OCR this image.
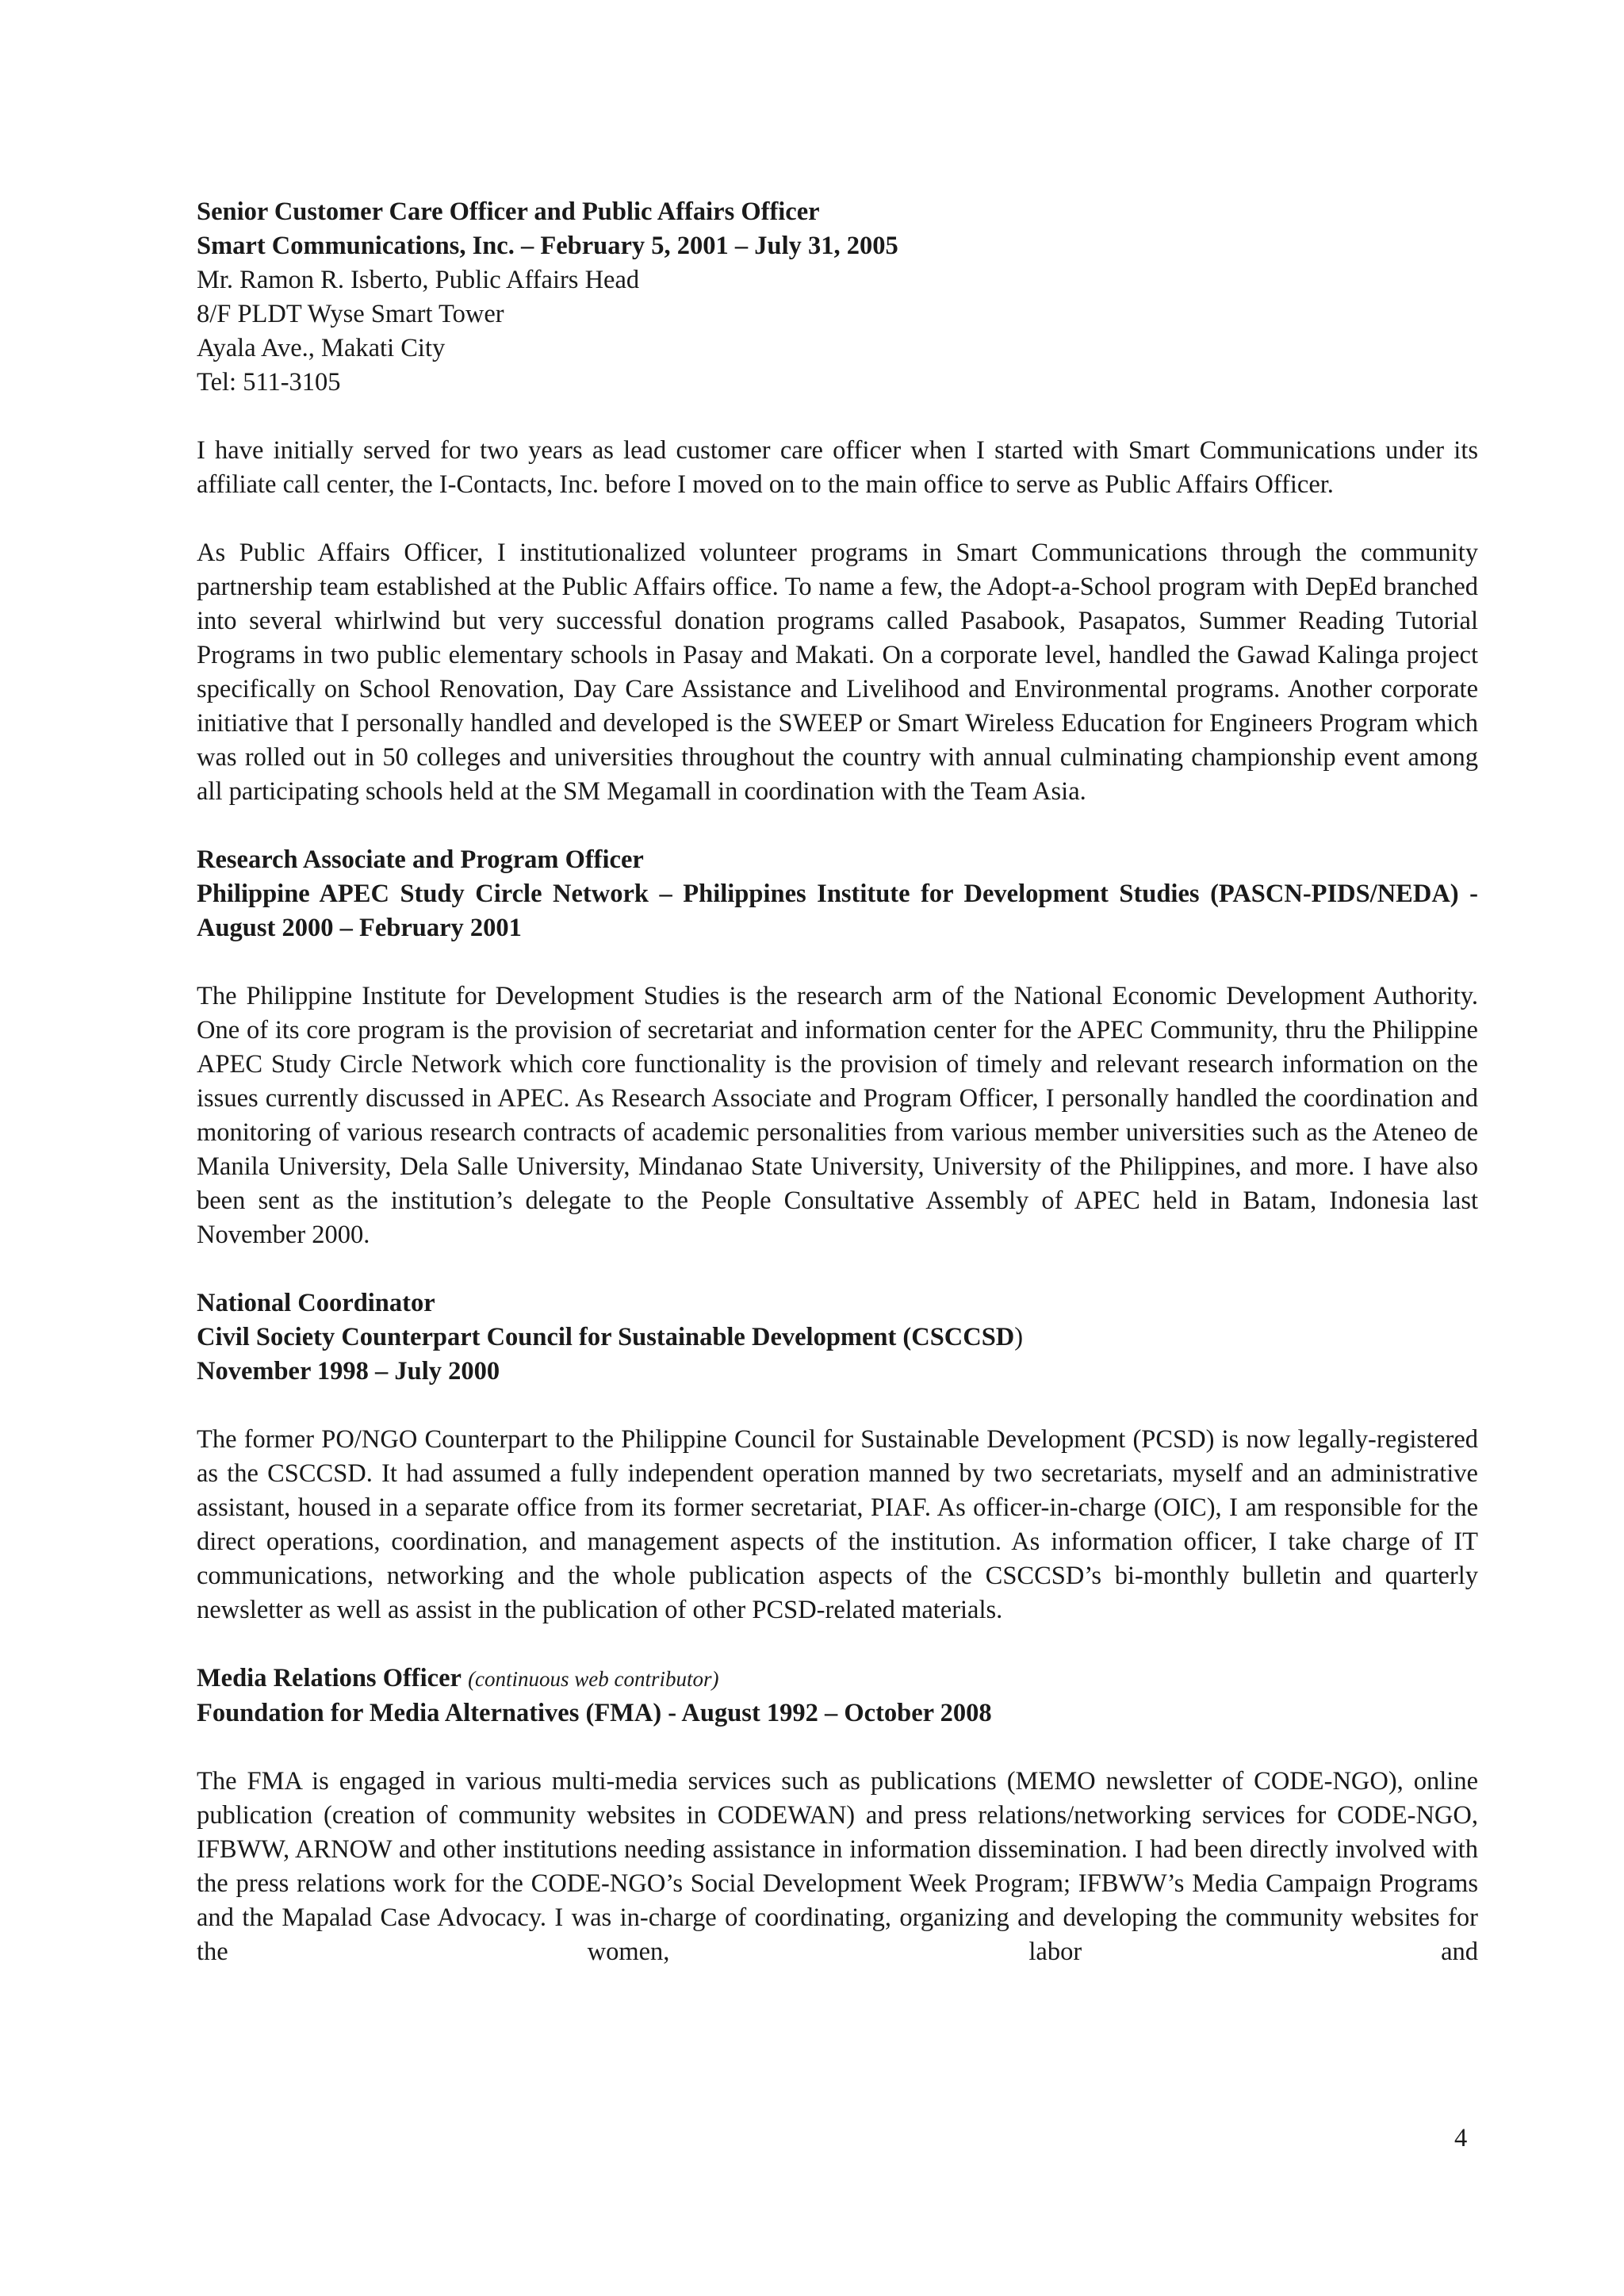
Senior Customer Care Officer and Public Affairs Officer

Smart Communications, Inc. – February 5, 2001 – July 31, 2005

Mr. Ramon R. Isberto, Public Affairs Head

8/F PLDT Wyse Smart Tower

Ayala Ave., Makati City

Tel: 511-3105

I have initially served for two years as lead customer care officer when I started with Smart Communications under its affiliate call center, the I-Contacts, Inc. before I moved on to the main office to serve as Public Affairs Officer.

As Public Affairs Officer, I institutionalized volunteer programs in Smart Communications through the community partnership team established at the Public Affairs office. To name a few, the Adopt-a-School program with DepEd branched into several whirlwind but very successful donation programs called Pasabook, Pasapatos, Summer Reading Tutorial Programs in two public elementary schools in Pasay and Makati. On a corporate level, handled the Gawad Kalinga project specifically on School Renovation, Day Care Assistance and Livelihood and Environmental programs. Another corporate initiative that I personally handled and developed is the SWEEP or Smart Wireless Education for Engineers Program which was rolled out in 50 colleges and universities throughout the country with annual culminating championship event among all participating schools held at the SM Megamall in coordination with the Team Asia.

Research Associate and Program Officer

Philippine APEC Study Circle Network – Philippines Institute for Development Studies (PASCN-PIDS/NEDA) - August 2000 – February 2001

The Philippine Institute for Development Studies is the research arm of the National Economic Development Authority. One of its core program is the provision of secretariat and information center for the APEC Community, thru the Philippine APEC Study Circle Network which core functionality is the provision of timely and relevant research information on the issues currently discussed in APEC. As Research Associate and Program Officer, I personally handled the coordination and monitoring of various research contracts of academic personalities from various member universities such as the Ateneo de Manila University, Dela Salle University, Mindanao State University, University of the Philippines, and more. I have also been sent as the institution’s delegate to the People Consultative Assembly of APEC held in Batam, Indonesia last November 2000.

National Coordinator

Civil Society Counterpart Council for Sustainable Development (CSCCSD)

November 1998 – July 2000

The former PO/NGO Counterpart to the Philippine Council for Sustainable Development (PCSD) is now legally-registered as the CSCCSD. It had assumed a fully independent operation manned by two secretariats, myself and an administrative assistant, housed in a separate office from its former secretariat, PIAF. As officer-in-charge (OIC), I am responsible for the direct operations, coordination, and management aspects of the institution. As information officer, I take charge of IT communications, networking and the whole publication aspects of the CSCCSD’s bi-monthly bulletin and quarterly newsletter as well as assist in the publication of other PCSD-related materials.

Media Relations Officer (continuous web contributor)

Foundation for Media Alternatives (FMA) - August 1992 – October 2008

The FMA is engaged in various multi-media services such as publications (MEMO newsletter of CODE-NGO), online publication (creation of community websites in CODEWAN) and press relations/networking services for CODE-NGO, IFBWW, ARNOW and other institutions needing assistance in information dissemination. I had been directly involved with the press relations work for the CODE-NGO’s Social Development Week Program; IFBWW’s Media Campaign Programs and the Mapalad Case Advocacy. I was in-charge of coordinating, organizing and developing the community websites for the women, labor and

4
